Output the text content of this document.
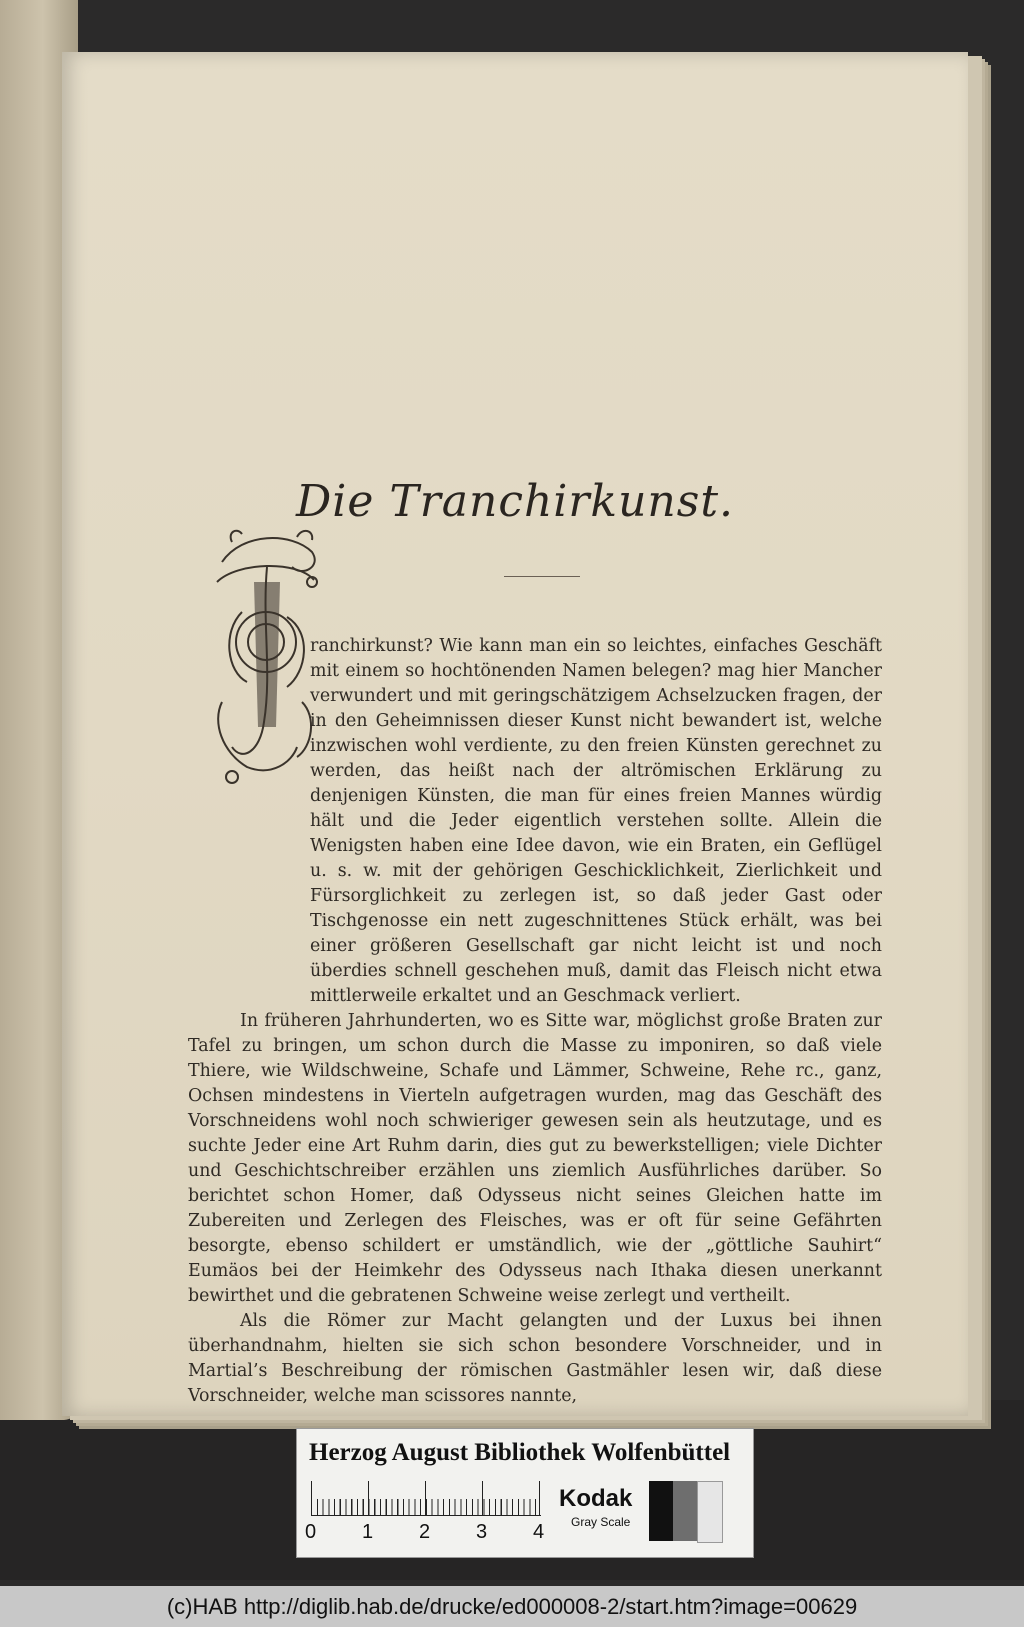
Die Tranchirkunst.

ranchirkunst? Wie kann man ein so leichtes, einfaches Geschäft mit einem so hochtönenden Namen belegen? mag hier Mancher verwundert und mit geringschätzigem Achselzucken fragen, der in den Geheimnissen dieser Kunst nicht bewandert ist, welche inzwischen wohl verdiente, zu den freien Künsten gerechnet zu werden, das heißt nach der altrömischen Erklärung zu denjenigen Künsten, die man für eines freien Mannes würdig hält und die Jeder eigentlich verstehen sollte. Allein die Wenigsten haben eine Idee davon, wie ein Braten, ein Geflügel u. s. w. mit der gehörigen Geschicklichkeit, Zierlichkeit und Fürsorglichkeit zu zerlegen ist, so daß jeder Gast oder Tischgenosse ein nett zugeschnittenes Stück erhält, was bei einer größeren Gesellschaft gar nicht leicht ist und noch überdies schnell geschehen muß, damit das Fleisch nicht etwa mittlerweile erkaltet und an Geschmack verliert.

In früheren Jahrhunderten, wo es Sitte war, möglichst große Braten zur Tafel zu bringen, um schon durch die Masse zu imponiren, so daß viele Thiere, wie Wildschweine, Schafe und Lämmer, Schweine, Rehe rc., ganz, Ochsen mindestens in Vierteln aufgetragen wurden, mag das Geschäft des Vorschneidens wohl noch schwieriger gewesen sein als heutzutage, und es suchte Jeder eine Art Ruhm darin, dies gut zu bewerkstelligen; viele Dichter und Geschichtschreiber erzählen uns ziemlich Ausführliches darüber. So berichtet schon Homer, daß Odysseus nicht seines Gleichen hatte im Zubereiten und Zerlegen des Fleisches, was er oft für seine Gefährten besorgte, ebenso schildert er umständlich, wie der „göttliche Sauhirt“ Eumäos bei der Heimkehr des Odysseus nach Ithaka diesen unerkannt bewirthet und die gebratenen Schweine weise zerlegt und vertheilt.

Als die Römer zur Macht gelangten und der Luxus bei ihnen überhandnahm, hielten sie sich schon besondere Vorschneider, und in Martial’s Beschreibung der römischen Gastmähler lesen wir, daß diese Vorschneider, welche man scissores nannte,

Herzog August Bibliothek Wolfenbüttel
0 1 2 3 4
Kodak
Gray Scale
(c)HAB http://diglib.hab.de/drucke/ed000008-2/start.htm?image=00629
